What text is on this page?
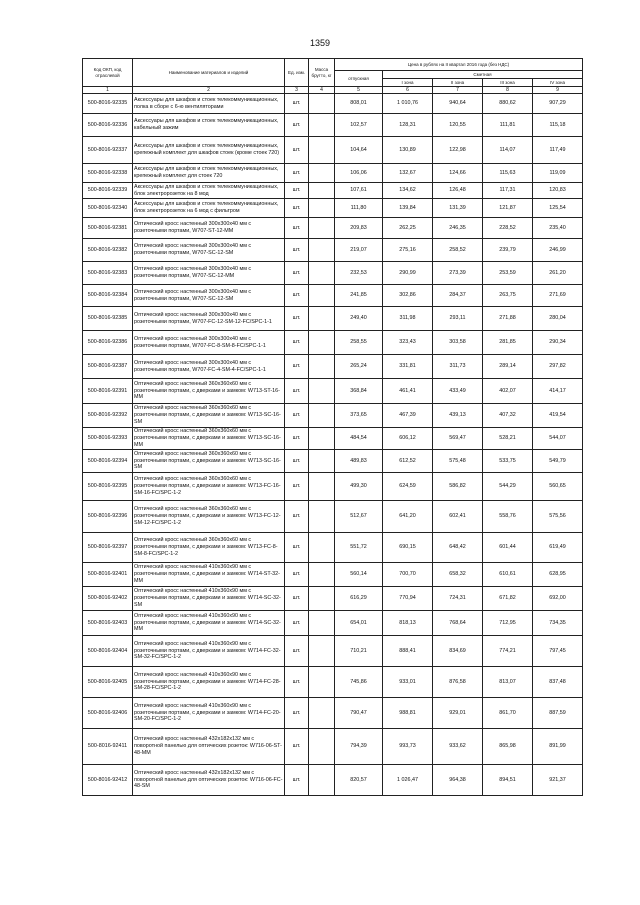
1359
Код ОКП, код отраслевой	Наименование материалов и изделий	Ед. изм.	Масса брутто, кг	Цена в рублях на II квартал 2016 года (без НДС)				
				отпускная	Сметная			
					I зона	II зона	III зона	IV зона
1	2	3	4	5	6	7	8	9
500-8016-92335	Аксессуары для шкафов и стоек телекоммуникационных, полка в сборе с 6-ю вентиляторами	шт.		808,01	1 010,76	940,64	880,62	907,29
500-8016-92336	Аксессуары для шкафов и стоек телекоммуникационных, кабельный зажим	шт.		102,57	128,31	120,55	111,81	115,18
500-8016-92337	Аксессуары для шкафов и стоек телекоммуникационных, крепежный комплект для шкафов стоек (кроме стоек 720)	шт.		104,64	130,89	122,98	114,07	117,49
500-8016-92338	Аксессуары для шкафов и стоек телекоммуникационных, крепежный комплект для стоек 720	шт.		106,06	132,67	124,66	115,63	119,09
500-8016-92339	Аксессуары для шкафов и стоек телекоммуникационных, блок электророзеток на 8 мод	шт.		107,61	134,62	126,48	117,31	120,83
500-8016-92340	Аксессуары для шкафов и стоек телекоммуникационных, блок электророзеток на 6 мод с фильтром	шт.		111,80	139,84	131,39	121,87	125,54
500-8016-92381	Оптический кросс настенный 300х300х40 мм с розеточными портами, W707-ST-12-MM	шт.		209,83	262,25	246,35	228,52	235,40
500-8016-92382	Оптический кросс настенный 300х300х40 мм с розеточными портами, W707-SC-12-SM	шт.		219,07	275,16	258,52	239,79	246,99
500-8016-92383	Оптический кросс настенный 300х300х40 мм с розеточными портами, W707-SC-12-MM	шт.		232,53	290,99	273,39	253,59	261,20
500-8016-92384	Оптический кросс настенный 300х300х40 мм с розеточными портами, W707-SC-12-SM	шт.		241,85	302,86	284,37	263,75	271,69
500-8016-92385	Оптический кросс настенный 300х300х40 мм с розеточными портами, W707-FC-12-SM-12-FC/SPC-1-1	шт.		249,40	311,98	293,11	271,88	280,04
500-8016-92386	Оптический кросс настенный 300х300х40 мм с розеточными портами, W707-FC-8-SM-8-FC/SPC-1-1	шт.		258,55	323,43	303,58	281,85	290,34
500-8016-92387	Оптический кросс настенный 300х300х40 мм с розеточными портами, W707-FC-4-SM-4-FC/SPC-1-1	шт.		265,24	331,81	311,73	289,14	297,82
500-8016-92391	Оптический кросс настенный 360х360х60 мм с розеточными портами, с дверками и замком: W713-ST-16-MM	шт.		368,84	461,41	433,49	402,07	414,17
500-8016-92392	Оптический кросс настенный 360х360х60 мм с розеточными портами, с дверками и замком: W713-SC-16-SM	шт.		373,65	467,39	439,13	407,32	419,54
500-8016-92393	Оптический кросс настенный 360х360х60 мм с розеточными портами, с дверками и замком: W713-SC-16-MM	шт.		484,54	606,12	569,47	528,21	544,07
500-8016-92394	Оптический кросс настенный 360х360х60 мм с розеточными портами, с дверками и замком: W713-SC-16-SM	шт.		489,83	612,52	575,48	533,75	549,79
500-8016-92395	Оптический кросс настенный 360х360х60 мм с розеточными портами, с дверками и замком: W713-FC-16-SM-16-FC/SPC-1-2	шт.		499,30	624,59	586,82	544,29	560,65
500-8016-92396	Оптический кросс настенный 360х360х60 мм с розеточными портами, с дверками и замком: W713-FC-12-SM-12-FC/SPC-1-2	шт.		512,67	641,20	602,41	558,76	575,56
500-8016-92397	Оптический кросс настенный 360х360х60 мм с розеточными портами, с дверками и замком: W713-FC-8-SM-8-FC/SPC-1-2	шт.		551,72	690,15	648,42	601,44	619,49
500-8016-92401	Оптический кросс настенный 410х360х90 мм с розеточными портами, с дверками и замком: W714-ST-32-MM	шт.		560,14	700,70	658,32	610,61	628,95
500-8016-92402	Оптический кросс настенный 410х360х90 мм с розеточными портами, с дверками и замком: W714-SC-32-SM	шт.		616,29	770,94	724,31	671,82	692,00
500-8016-92403	Оптический кросс настенный 410х360х90 мм с розеточными портами, с дверками и замком: W714-SC-32-MM	шт.		654,01	818,13	768,64	712,95	734,35
500-8016-92404	Оптический кросс настенный 410х360х90 мм с розеточными портами, с дверками и замком: W714-FC-32-SM-32-FC/SPC-1-2	шт.		710,21	888,41	834,69	774,21	797,45
500-8016-92405	Оптический кросс настенный 410х360х90 мм с розеточными портами, с дверками и замком: W714-FC-28-SM-28-FC/SPC-1-2	шт.		745,86	933,01	876,58	813,07	837,48
500-8016-92406	Оптический кросс настенный 410х360х90 мм с розеточными портами, с дверками и замком: W714-FC-20-SM-20-FC/SPC-1-2	шт.		790,47	988,81	929,01	861,70	887,59
500-8016-92411	Оптический кросс настенный 432х182х132 мм с поворотной панелью для оптических розеток: W716-06-ST-48-MM	шт.		794,39	993,73	933,62	865,98	891,99
500-8016-92412	Оптический кросс настенный 432х182х132 мм с поворотной панелью для оптических розеток: W716-06-FC-48-SM	шт.		820,57	1 026,47	964,38	894,51	921,37
